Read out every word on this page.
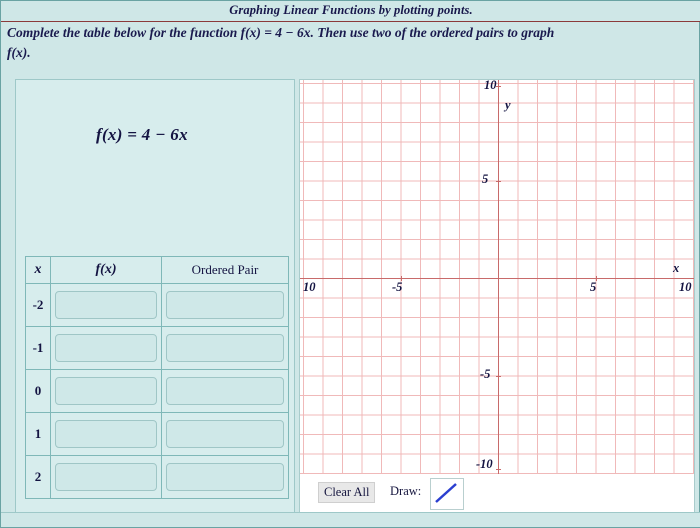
Graphing Linear Functions by plotting points.
Complete the table below for the function f(x) = 4 − 6x. Then use two of the ordered pairs to graph
f(x).
f(x) = 4 − 6x
x	f(x)	Ordered Pair
-2		
-1		
0		
1		
2		
10
5
-5
-10
10	-5	5	10
y
x
Clear All	Draw:
